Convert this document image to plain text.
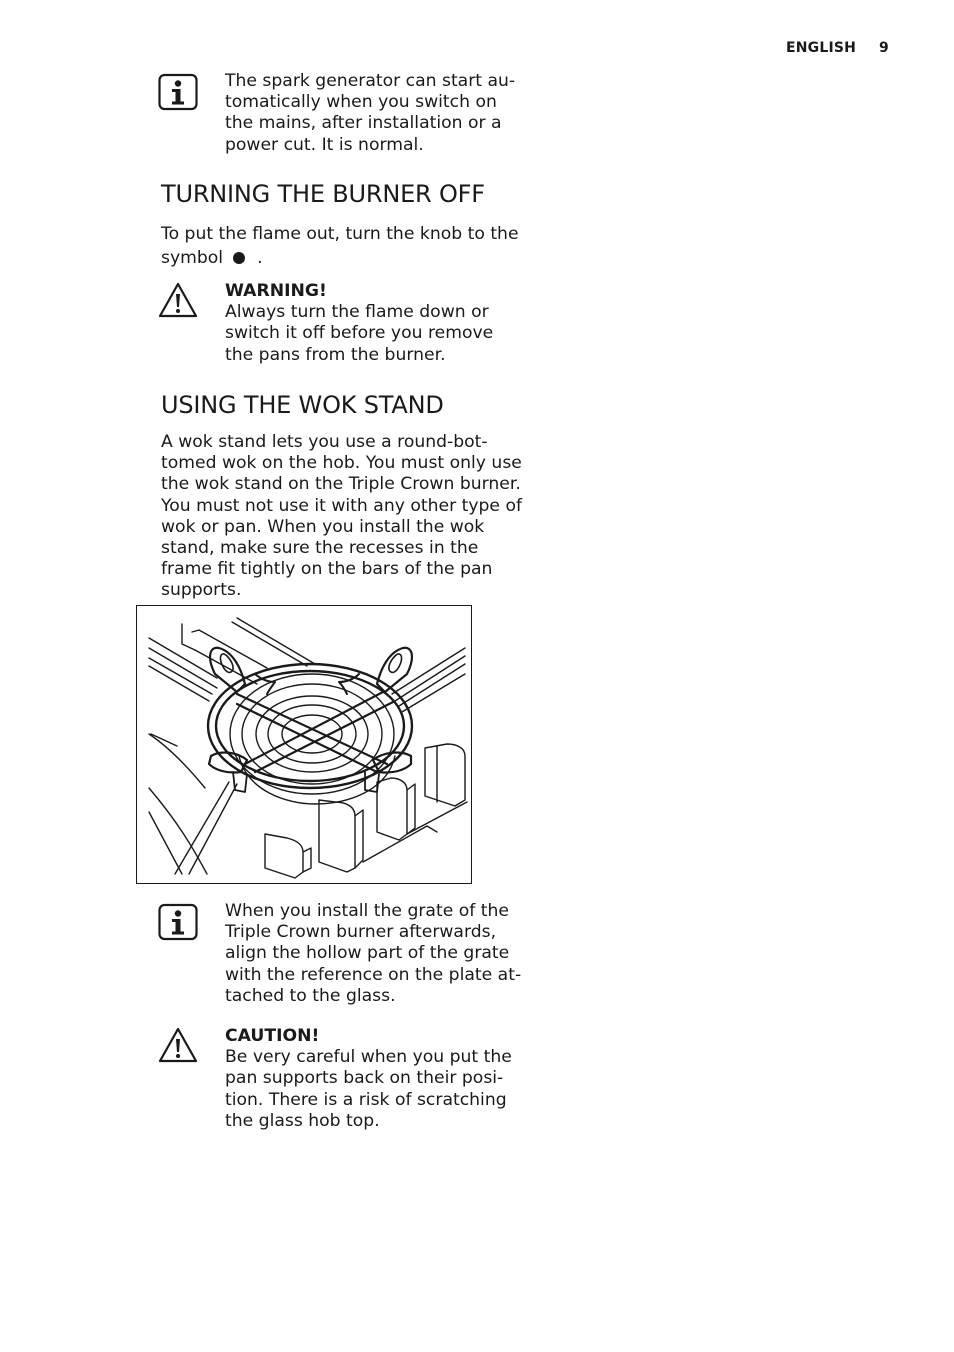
ENGLISH 9
The spark generator can start au-
tomatically when you switch on
the mains, after installation or a
power cut. It is normal.
TURNING THE BURNER OFF
To put the flame out, turn the knob to the
symbol .
WARNING!
Always turn the flame down or
switch it off before you remove
the pans from the burner.
USING THE WOK STAND
A wok stand lets you use a round-bot-
tomed wok on the hob. You must only use
the wok stand on the Triple Crown burner.
You must not use it with any other type of
wok or pan. When you install the wok
stand, make sure the recesses in the
frame fit tightly on the bars of the pan
supports.
When you install the grate of the
Triple Crown burner afterwards,
align the hollow part of the grate
with the reference on the plate at-
tached to the glass.
CAUTION!
Be very careful when you put the
pan supports back on their posi-
tion. There is a risk of scratching
the glass hob top.
